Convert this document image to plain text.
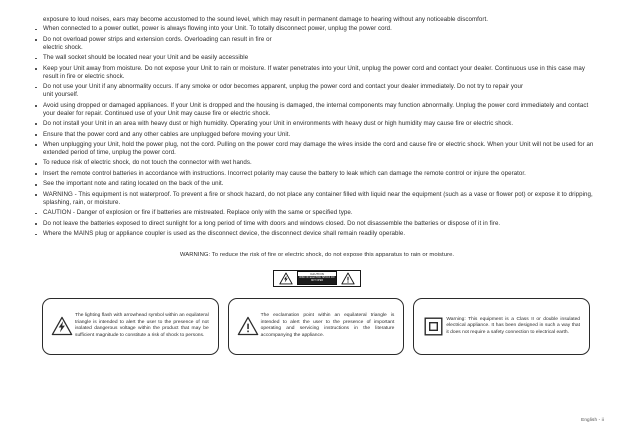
exposure to loud noises, ears may become accustomed to the sound level, which may result in permanent damage to hearing without any noticeable discomfort.

When connected to a power outlet, power is always flowing into your Unit. To totally disconnect power, unplug the power cord.
Do not overload power strips and extension cords. Overloading can result in fire or
electric shock.
The wall socket should be located near your Unit and be easily accessible
Keep your Unit away from moisture. Do not expose your Unit to rain or moisture. If water penetrates into your Unit, unplug the power cord and contact your dealer. Continuous use in this case may result in fire or electric shock.
Do not use your Unit if any abnormality occurs. If any smoke or odor becomes apparent, unplug the power cord and contact your dealer immediately. Do not try to repair your
unit yourself.
Avoid using dropped or damaged appliances. If your Unit is dropped and the housing is damaged, the internal components may function abnormally. Unplug the power cord immediately and contact your dealer for repair. Continued use of your Unit may cause fire or electric shock.
Do not install your Unit in an area with heavy dust or high humidity. Operating your Unit in environments with heavy dust or high humidity may cause fire or electric shock.
Ensure that the power cord and any other cables are unplugged before moving your Unit.
When unplugging your Unit, hold the power plug, not the cord. Pulling on the power cord may damage the wires inside the cord and cause fire or electric shock. When your Unit will not be used for an extended period of time, unplug the power cord.
To reduce risk of electric shock, do not touch the connector with wet hands.
Insert the remote control batteries in accordance with instructions. Incorrect polarity may cause the battery to leak which can damage the remote control or injure the operator.
See the important note and rating located on the back of the unit.
WARNING - This equipment is not waterproof. To prevent a fire or shock hazard, do not place any container filled with liquid near the equipment (such as a vase or flower pot) or expose it to dripping, splashing, rain, or moisture.
CAUTION - Danger of explosion or fire if batteries are mistreated. Replace only with the same or specified type.
Do not leave the batteries exposed to direct sunlight for a long period of time with doors and windows closed. Do not disassemble the batteries or dispose of it in fire.
Where the MAINS plug or appliance coupler is used as the disconnect device, the disconnect device shall remain readily operable.
WARNING: To reduce the risk of fire or electric shock, do not expose this apparatus to rain or moisture.
CAUTION
RISK OF ELECTRIC SHOCK DO NOT OPEN
The lighting flash with arrowhead symbol within an equilateral triangle is intended to alert the user to the presence of not isolated dangerous voltage within the product that may be sufficient magnitude to constitute a risk of shock to persons.
The exclamation point within an equilateral triangle is intended to alert the user to the presence of important operating and servicing instructions in the literature accompanying the appliance.
Warning: This equipment is a Class II or double insulated electrical appliance. It has been designed in such a way that it does not require a safety connection to electrical earth.
English - ii
